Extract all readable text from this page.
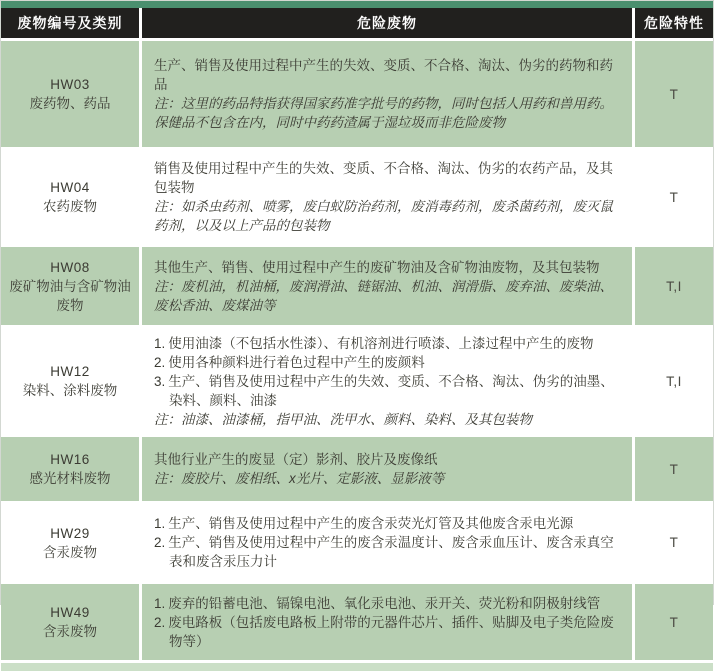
废物编号及类别	危险废物	危险特性

HW03
废药物、药品

生产、销售及使用过程中产生的失效、变质、不合格、淘汰、伪劣的药物和药品
注：这里的药品特指获得国家药准字批号的药物，同时包括人用药和兽用药。保健品不包含在内，同时中药药渣属于湿垃圾而非危险废物
	T

HW04
农药废物

销售及使用过程中产生的失效、变质、不合格、淘汰、伪劣的农药产品，及其包装物
注：如杀虫药剂、喷雾，废白蚁防治药剂，废消毒药剂，废杀菌药剂，废灭鼠药剂，以及以上产品的包装物
	T

HW08
废矿物油与含矿物油废物

其他生产、销售、使用过程中产生的废矿物油及含矿物油废物，及其包装物
注：废机油，机油桶，废润滑油、链锯油、机油、润滑脂、废弃油、废柴油、废松香油、废煤油等
	T,I

HW12
染料、涂料废物

1. 使用油漆（不包括水性漆）、有机溶剂进行喷漆、上漆过程中产生的废物
2. 使用各种颜料进行着色过程中产生的废颜料
3. 生产、销售及使用过程中产生的失效、变质、不合格、淘汰、伪劣的油墨、染料、颜料、油漆
注：油漆、油漆桶，指甲油、洗甲水、颜料、染料、及其包装物
	T,I

HW16
感光材料废物

其他行业产生的废显（定）影剂、胶片及废像纸
注：废胶片、废相纸、x光片、定影液、显影液等
	T

HW29
含汞废物

1. 生产、销售及使用过程中产生的废含汞荧光灯管及其他废含汞电光源
2. 生产、销售及使用过程中产生的废含汞温度计、废含汞血压计、废含汞真空表和废含汞压力计
	T

HW49
含汞废物

1. 废弃的铅蓄电池、镉镍电池、氧化汞电池、汞开关、荧光粉和阴极射线管
2. 废电路板（包括废电路板上附带的元器件芯片、插件、贴脚及电子类危险废物等）
	T
